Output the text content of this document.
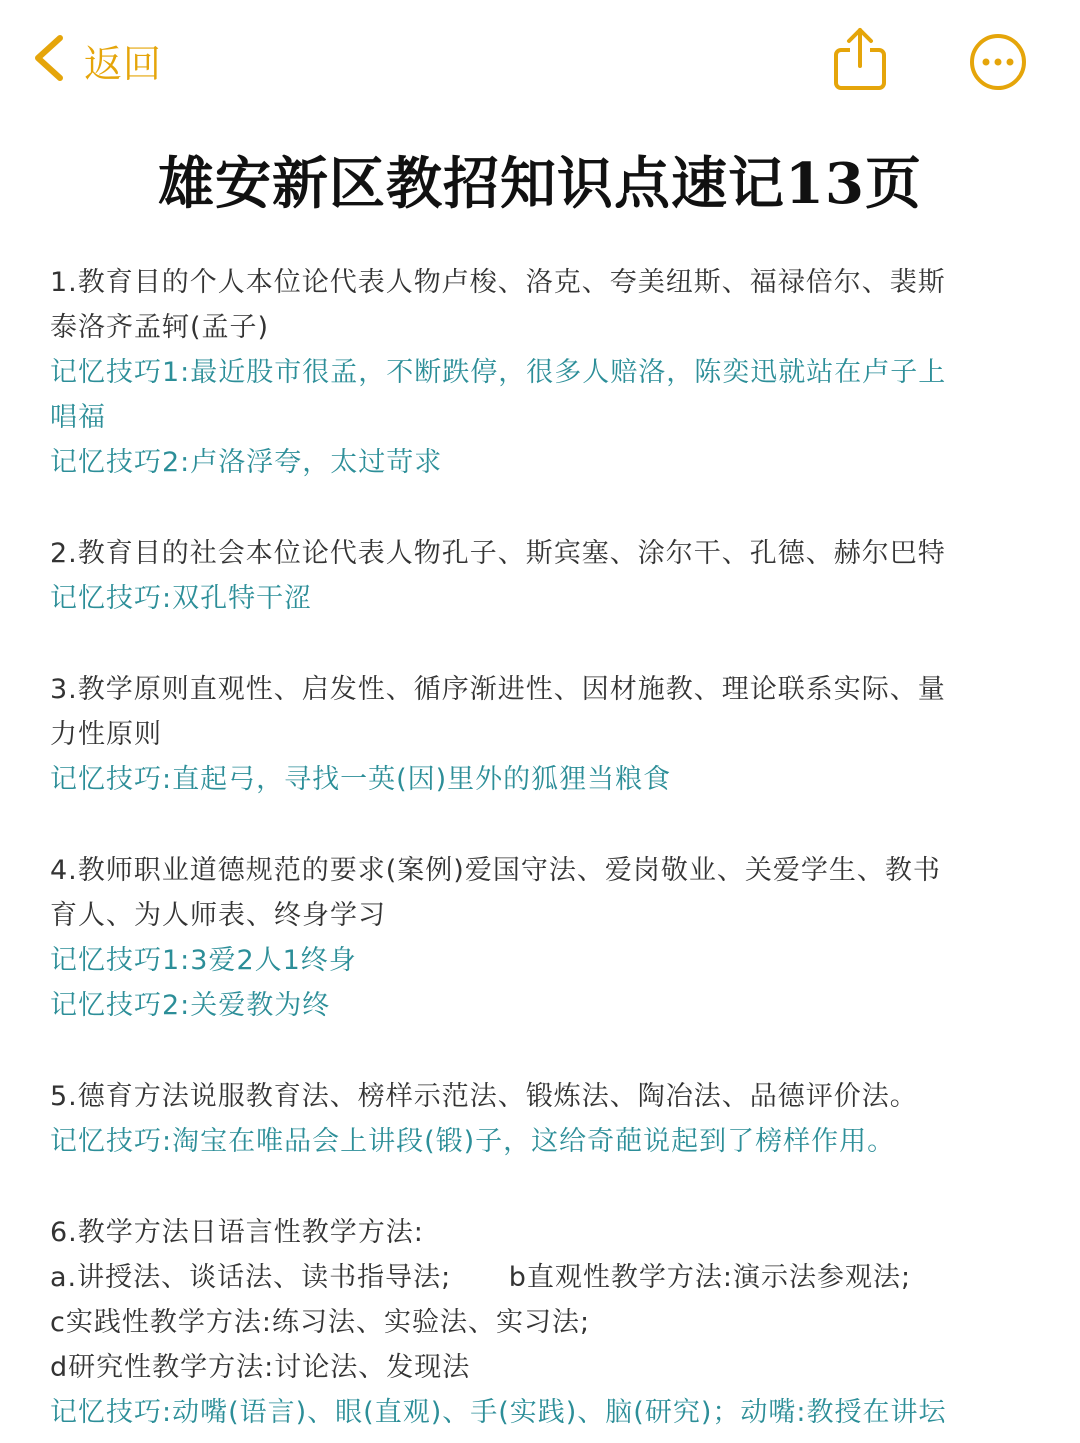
返回
雄安新区教招知识点速记13页
1.教育目的个人本位论代表人物卢梭、洛克、夸美纽斯、福禄倍尔、裴斯
泰洛齐孟轲(孟子)
记忆技巧1:最近股市很孟，不断跌停，很多人赔洛，陈奕迅就站在卢子上
唱福
记忆技巧2:卢洛浮夸，太过苛求
2.教育目的社会本位论代表人物孔子、斯宾塞、涂尔干、孔德、赫尔巴特
记忆技巧:双孔特干涩
3.教学原则直观性、启发性、循序渐进性、因材施教、理论联系实际、量
力性原则
记忆技巧:直起弓，寻找一英(因)里外的狐狸当粮食
4.教师职业道德规范的要求(案例)爱国守法、爱岗敬业、关爱学生、教书
育人、为人师表、终身学习
记忆技巧1:3爱2人1终身
记忆技巧2:关爱教为终
5.德育方法说服教育法、榜样示范法、锻炼法、陶冶法、品德评价法。
记忆技巧:淘宝在唯品会上讲段(锻)子，这给奇葩说起到了榜样作用。
6.教学方法日语言性教学方法:
a.讲授法、谈话法、读书指导法;      b直观性教学方法:演示法参观法;
c实践性教学方法:练习法、实验法、实习法;
d研究性教学方法:讨论法、发现法
记忆技巧:动嘴(语言)、眼(直观)、手(实践)、脑(研究)；动嘴:教授在讲坛
